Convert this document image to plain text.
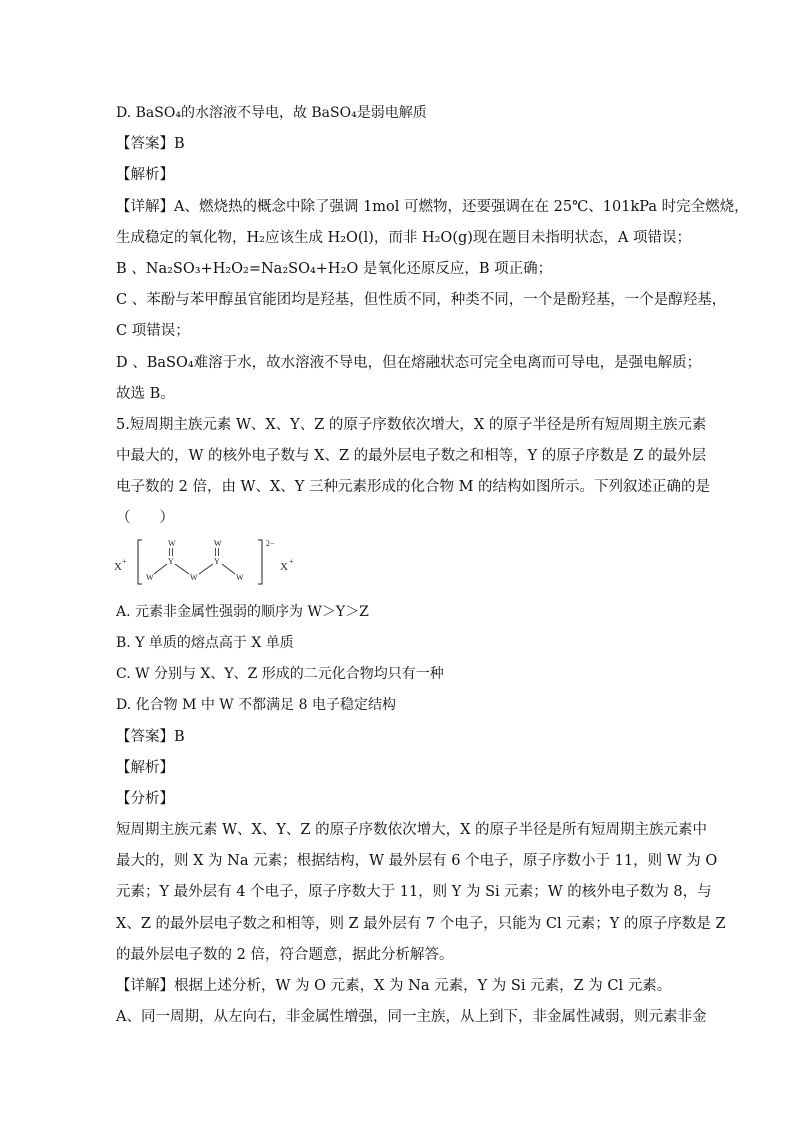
D. BaSO₄的水溶液不导电，故 BaSO₄是弱电解质
【答案】B
【解析】
【详解】A、燃烧热的概念中除了强调 1mol 可燃物，还要强调在在 25℃、101kPa 时完全燃烧，
生成稳定的氧化物，H₂应该生成 H₂O(l)，而非 H₂O(g)现在题目未指明状态，A 项错误；
B 、Na₂SO₃+H₂O₂=Na₂SO₄+H₂O 是氧化还原反应，B 项正确；
C 、苯酚与苯甲醇虽官能团均是羟基，但性质不同，种类不同，一个是酚羟基，一个是醇羟基，
C 项错误；
D 、BaSO₄难溶于水，故水溶液不导电，但在熔融状态可完全电离而可导电，是强电解质；
故选 B。
5.短周期主族元素 W、X、Y、Z 的原子序数依次增大，X 的原子半径是所有短周期主族元素
中最大的，W 的核外电子数与 X、Z 的最外层电子数之和相等，Y 的原子序数是 Z 的最外层
电子数的 2 倍，由 W、X、Y 三种元素形成的化合物 M 的结构如图所示。下列叙述正确的是
（　　）
X +
2−
X +
W
Y
W	W
W
Y
W
A. 元素非金属性强弱的顺序为 W＞Y＞Z
B. Y 单质的熔点高于 X 单质
C. W 分别与 X、Y、Z 形成的二元化合物均只有一种
D. 化合物 M 中 W 不都满足 8 电子稳定结构
【答案】B
【解析】
【分析】
短周期主族元素 W、X、Y、Z 的原子序数依次增大，X 的原子半径是所有短周期主族元素中
最大的，则 X 为 Na 元素；根据结构，W 最外层有 6 个电子，原子序数小于 11，则 W 为 O
元素；Y 最外层有 4 个电子，原子序数大于 11，则 Y 为 Si 元素；W 的核外电子数为 8，与
X、Z 的最外层电子数之和相等，则 Z 最外层有 7 个电子，只能为 Cl 元素；Y 的原子序数是 Z
的最外层电子数的 2 倍，符合题意，据此分析解答。
【详解】根据上述分析，W 为 O 元素，X 为 Na 元素，Y 为 Si 元素，Z 为 Cl 元素。
A、同一周期，从左向右，非金属性增强，同一主族，从上到下，非金属性减弱，则元素非金
